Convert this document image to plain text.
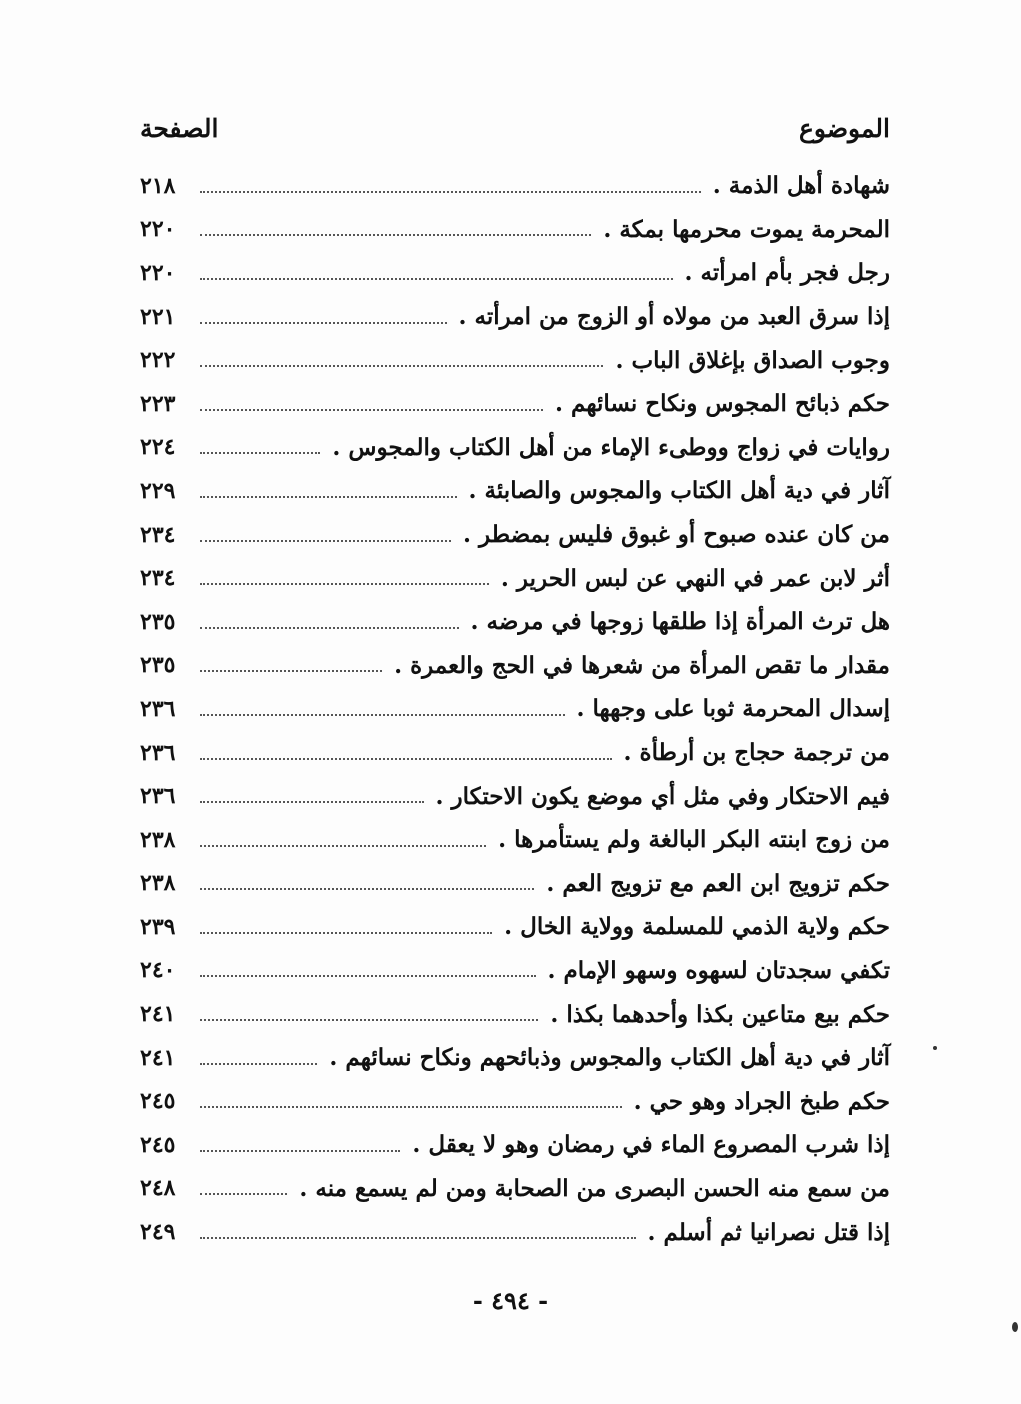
الموضوع
الصفحة
شهادة أهل الذمة .
٢١٨
المحرمة يموت محرمها بمكة .
٢٢٠
رجل فجر بأم امرأته .
٢٢٠
إذا سرق العبد من مولاه أو الزوج من امرأته .
٢٢١
وجوب الصداق بإغلاق الباب .
٢٢٢
حكم ذبائح المجوس ونكاح نسائهم .
٢٢٣
روايات في زواج ووطىء الإماء من أهل الكتاب والمجوس .
٢٢٤
آثار في دية أهل الكتاب والمجوس والصابئة .
٢٢٩
من كان عنده صبوح أو غبوق فليس بمضطر .
٢٣٤
أثر لابن عمر في النهي عن لبس الحرير .
٢٣٤
هل ترث المرأة إذا طلقها زوجها في مرضه .
٢٣٥
مقدار ما تقص المرأة من شعرها في الحج والعمرة .
٢٣٥
إسدال المحرمة ثوبا على وجهها .
٢٣٦
من ترجمة حجاج بن أرطأة .
٢٣٦
فيم الاحتكار وفي مثل أي موضع يكون الاحتكار .
٢٣٦
من زوج ابنته البكر البالغة ولم يستأمرها .
٢٣٨
حكم تزويج ابن العم مع تزويج العم .
٢٣٨
حكم ولاية الذمي للمسلمة وولاية الخال .
٢٣٩
تكفي سجدتان لسهوه وسهو الإمام .
٢٤٠
حكم بيع متاعين بكذا وأحدهما بكذا .
٢٤١
آثار في دية أهل الكتاب والمجوس وذبائحهم ونكاح نسائهم .
٢٤١
حكم طبخ الجراد وهو حي .
٢٤٥
إذا شرب المصروع الماء في رمضان وهو لا يعقل .
٢٤٥
من سمع منه الحسن البصرى من الصحابة ومن لم يسمع منه .
٢٤٨
إذا قتل نصرانيا ثم أسلم .
٢٤٩
- ٤٩٤ -
